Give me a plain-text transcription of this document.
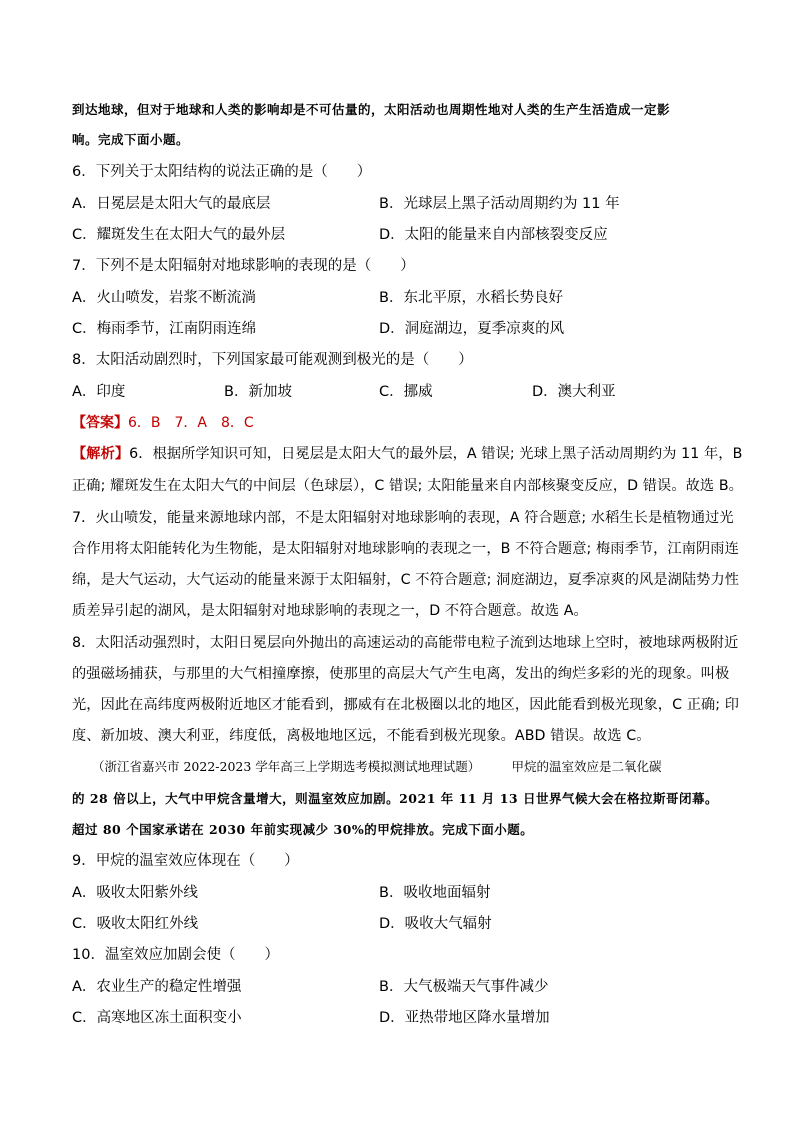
到达地球，但对于地球和人类的影响却是不可估量的，太阳活动也周期性地对人类的生产生活造成一定影
响。完成下面小题。
6．下列关于太阳结构的说法正确的是（　　）
A．日冕层是太阳大气的最底层	B．光球层上黑子活动周期约为 11 年
C．耀斑发生在太阳大气的最外层	D．太阳的能量来自内部核裂变反应
7．下列不是太阳辐射对地球影响的表现的是（　　）
A．火山喷发，岩浆不断流淌	B．东北平原，水稻长势良好
C．梅雨季节，江南阴雨连绵	D．洞庭湖边，夏季凉爽的风
8．太阳活动剧烈时，下列国家最可能观测到极光的是（　　）
A．印度	B．新加坡	C．挪威	D．澳大利亚
【答案】6．B　7．A　8．C
【解析】6．根据所学知识可知，日冕层是太阳大气的最外层，A 错误; 光球上黑子活动周期约为 11 年，B
正确; 耀斑发生在太阳大气的中间层（色球层），C 错误; 太阳能量来自内部核聚变反应，D 错误。故选 B。
7．火山喷发，能量来源地球内部，不是太阳辐射对地球影响的表现，A 符合题意; 水稻生长是植物通过光
合作用将太阳能转化为生物能，是太阳辐射对地球影响的表现之一，B 不符合题意; 梅雨季节，江南阴雨连
绵，是大气运动，大气运动的能量来源于太阳辐射，C 不符合题意; 洞庭湖边，夏季凉爽的风是湖陆势力性
质差异引起的湖风，是太阳辐射对地球影响的表现之一，D 不符合题意。故选 A。
8．太阳活动强烈时，太阳日冕层向外抛出的高速运动的高能带电粒子流到达地球上空时，被地球两极附近
的强磁场捕获，与那里的大气相撞摩擦，使那里的高层大气产生电离，发出的绚烂多彩的光的现象。叫极
光，因此在高纬度两极附近地区才能看到，挪威有在北极圈以北的地区，因此能看到极光现象，C 正确; 印
度、新加坡、澳大利亚，纬度低，离极地地区远，不能看到极光现象。ABD 错误。故选 C。
（浙江省嘉兴市 2022-2023 学年高三上学期选考模拟测试地理试题）　　　甲烷的温室效应是二氧化碳
的 28 倍以上，大气中甲烷含量增大，则温室效应加剧。2021 年 11 月 13 日世界气候大会在格拉斯哥闭幕。
超过 80 个国家承诺在 2030 年前实现减少 30%的甲烷排放。完成下面小题。
9．甲烷的温室效应体现在（　　）
A．吸收太阳紫外线	B．吸收地面辐射
C．吸收太阳红外线	D．吸收大气辐射
10．温室效应加剧会使（　　）
A．农业生产的稳定性增强	B．大气极端天气事件减少
C．高寒地区冻土面积变小	D．亚热带地区降水量增加
